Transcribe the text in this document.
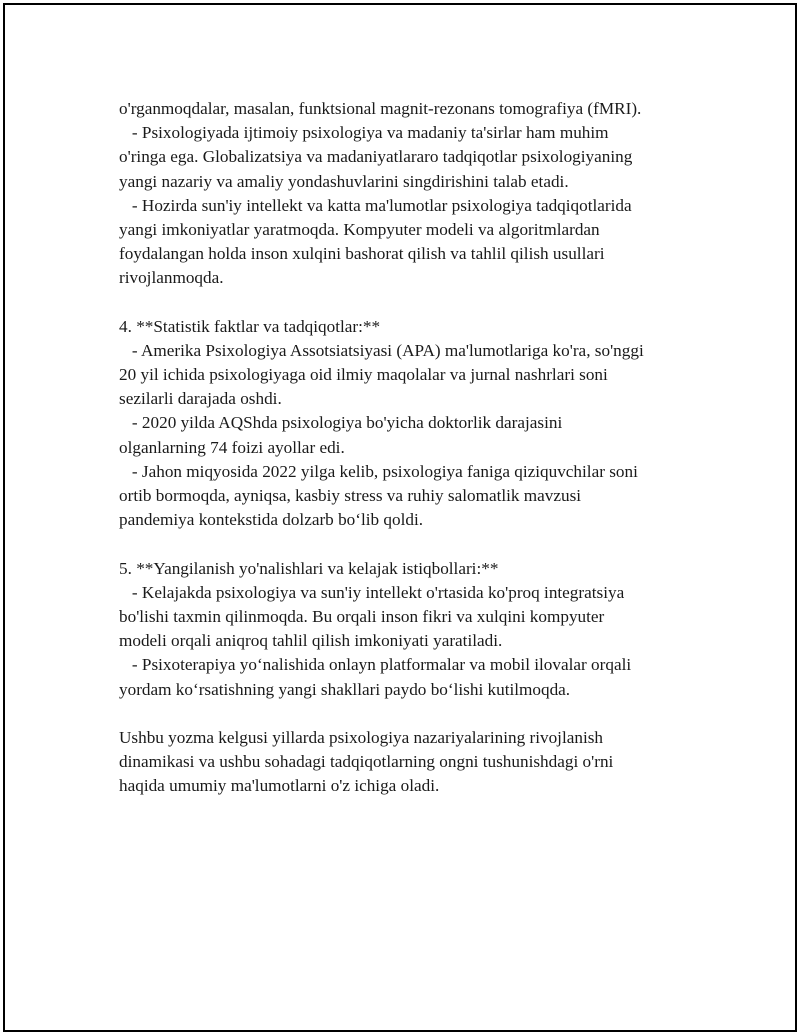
o'rganmoqdalar, masalan, funktsional magnit-rezonans tomografiya (fMRI).
- Psixologiyada ijtimoiy psixologiya va madaniy ta'sirlar ham muhim
o'ringa ega. Globalizatsiya va madaniyatlararo tadqiqotlar psixologiyaning
yangi nazariy va amaliy yondashuvlarini singdirishini talab etadi.
- Hozirda sun'iy intellekt va katta ma'lumotlar psixologiya tadqiqotlarida
yangi imkoniyatlar yaratmoqda. Kompyuter modeli va algoritmlardan
foydalangan holda inson xulqini bashorat qilish va tahlil qilish usullari
rivojlanmoqda.
4. **Statistik faktlar va tadqiqotlar:**
- Amerika Psixologiya Assotsiatsiyasi (APA) ma'lumotlariga ko'ra, so'nggi
20 yil ichida psixologiyaga oid ilmiy maqolalar va jurnal nashrlari soni
sezilarli darajada oshdi.
- 2020 yilda AQShda psixologiya bo'yicha doktorlik darajasini
olganlarning 74 foizi ayollar edi.
- Jahon miqyosida 2022 yilga kelib, psixologiya faniga qiziquvchilar soni
ortib bormoqda, ayniqsa, kasbiy stress va ruhiy salomatlik mavzusi
pandemiya kontekstida dolzarb bo‘lib qoldi.
5. **Yangilanish yo'nalishlari va kelajak istiqbollari:**
- Kelajakda psixologiya va sun'iy intellekt o'rtasida ko'proq integratsiya
bo'lishi taxmin qilinmoqda. Bu orqali inson fikri va xulqini kompyuter
modeli orqali aniqroq tahlil qilish imkoniyati yaratiladi.
- Psixoterapiya yo‘nalishida onlayn platformalar va mobil ilovalar orqali
yordam ko‘rsatishning yangi shakllari paydo bo‘lishi kutilmoqda.
Ushbu yozma kelgusi yillarda psixologiya nazariyalarining rivojlanish
dinamikasi va ushbu sohadagi tadqiqotlarning ongni tushunishdagi o'rni
haqida umumiy ma'lumotlarni o'z ichiga oladi.
